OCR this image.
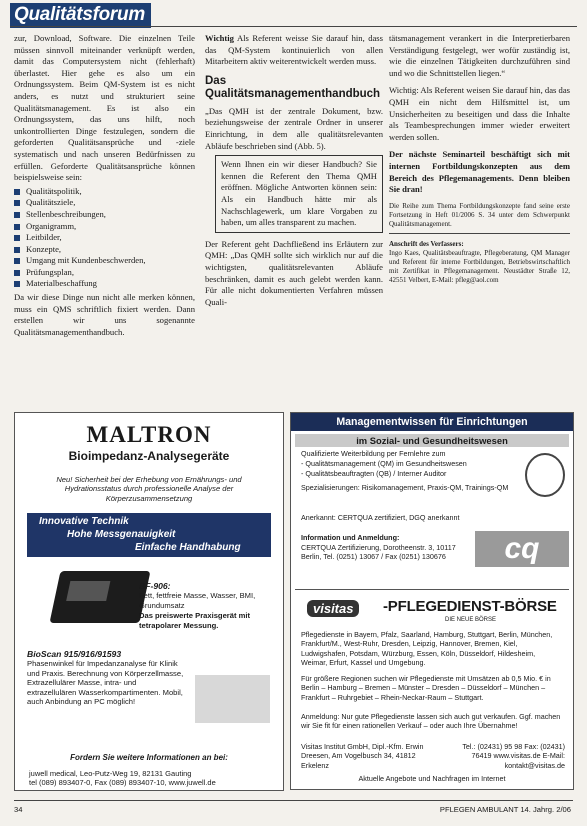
Qualitätsforum
zur, Download, Software. Die einzelnen Teile müssen sinnvoll miteinander verknüpft werden, damit das Computersystem nicht (fehlerhaft) überlastet. Hier gehe es also um ein Ordnungssystem. Beim QM-System ist es nicht anders, es nutzt und strukturiert seine Qualitätsmanagement. Es ist also ein Ordnungssystem, das uns hilft, noch unkontrollierten Dinge festzulegen, sondern die geforderten Qualitätsansprüche und -ziele systematisch und nach unseren Bedürfnissen zu erfüllen. Geforderte Qualitätsansprüche können beispielsweise sein:
Qualitätspolitik,
Qualitätsziele,
Stellenbeschreibungen,
Organigramm,
Leitbilder,
Konzepte,
Umgang mit Kundenbeschwerden,
Prüfungsplan,
Materialbeschaffung
Da wir diese Dinge nun nicht alle merken können, muss ein QMS schriftlich fixiert werden. Dann erstellen wir uns sogenannte Qualitätsmanagementhandbuch.
Wichtig Als Referent weisse Sie darauf hin, dass das QM-System kontinuierlich von allen Mitarbeitern aktiv weiterentwickelt werden muss.
Das Qualitätsmanagementhandbuch
„Das QMH ist der zentrale Dokument, bzw. beziehungsweise der zentrale Ordner in unserer Einrichtung, in dem alle qualitätsrelevanten Abläufe beschrieben sind (Abb. 5).
Wenn Ihnen ein wir dieser Handbuch? Sie kennen die Referent den Thema QMH eröffnen. Mögliche Antworten können sein: Als ein Handbuch hätte mir als Nachschlagewerk, um klare Vorgaben zu haben, um alles transparent zu machen.
Der Referent geht Dachfließend ins Erläutern zur QMH: „Das QMH sollte sich wirklich nur auf die wichtigsten, qualitätsrelevanten Abläufe beschränken, damit es auch gelebt werden kann. Für alle nicht dokumentierten Verfahren müssen Quali-
tätsmanagement verankert in die Interpretierbaren Verständigung festgelegt, wer wofür zuständig ist, wie die einzelnen Tätigkeiten durchzuführen sind und wo die Schnittstellen liegen.“
Wichtig: Als Referent weisen Sie darauf hin, das das QMH ein nicht dem Hilfsmittel ist, um Unsicherheiten zu beseitigen und dass die Inhalte als Teambesprechungen immer wieder erweitert werden sollen.
Der nächste Seminarteil beschäftigt sich mit internen Fortbildungskonzepten aus dem Bereich des Pflegemanagements. Denn bleiben Sie dran!
Die Reihe zum Thema Fortbildungskonzepte fand seine erste Fortsetzung in Heft 01/2006 S. 34 unter dem Schwerpunkt Qualitätsmanagement.
Anschrift des Verfassers:
Ingo Kaes, Qualitätsbeauftragte, Pflegeberatung, QM Manager und Referent für interne Fortbildungen, Betriebswirtschaftlich mit Zertifikat in Pflegemanagement. Neustädter Straße 12, 42551 Velbert, E-Mail: pfleg@aol.com
MALTRON
Bioimpedanz-Analysegeräte
Neu! Sicherheit bei der Erhebung von Ernährungs- und Hydrationsstatus durch professionelle Analyse der Körperzusammensetzung
Innovative Technik
Hohe Messgenauigkeit
Einfache Handhabung
BF-906:
Fett, fettfreie Masse, Wasser, BMI, Grundumsatz
Das preiswerte Praxisgerät mit tetrapolarer Messung.
BioScan 915/916/91593
Phasenwinkel für Impedanzanalyse für Klinik und Praxis. Berechnung von Körperzellmasse, Extrazellulärer Masse, intra- und extrazellulären Wasserkompartimenten. Mobil, auch Anbindung an PC möglich!
Fordern Sie weitere Informationen an bei:
juwell medical, Leo-Putz-Weg 19, 82131 Gauting
tel (089) 893407-0, Fax (089) 893407-10, www.juwell.de
Managementwissen für Einrichtungen
im Sozial- und Gesundheitswesen
Qualifizierte Weiterbildung per Fernlehre zum
- Qualitätsmanagement (QM) im Gesundheitswesen
- Qualitätsbeauftragten (QB) / Interner Auditor
Spezialisierungen: Risikomanagement, Praxis-QM, Trainings-QM
Anerkannt: CERTQUA zertifiziert, DGQ anerkannt
Information und Anmeldung:
CERTQUA Zertifizierung, Dorotheenstr. 3, 10117 Berlin, Tel. (0251) 13067 / Fax (0251) 130676	cq
visitas	-PFLEGEDIENST-BÖRSE
DIE NEUE BÖRSE
Pflegedienste in Bayern, Pfalz, Saarland, Hamburg, Stuttgart, Berlin, München, Frankfurt/M., West-Ruhr, Dresden, Leipzig, Hannover, Bremen, Kiel, Ludwigshafen, Potsdam, Würzburg, Essen, Köln, Düsseldorf, Hildesheim, Weimar, Erfurt, Kassel und Umgebung.
Für größere Regionen suchen wir Pflegedienste mit Umsätzen ab 0,5 Mio. € in Berlin – Hamburg – Bremen – Münster – Dresden – Düsseldorf – München – Frankfurt – Ruhrgebiet – Rhein-Neckar-Raum – Stuttgart.
Anmeldung: Nur gute Pflegedienste lassen sich auch gut verkaufen. Ggf. machen wir Sie fit für einen rationellen Verkauf – oder auch Ihre Übernahme!
Visitas Institut GmbH, Dipl.-Kfm. Erwin Dreesen, Am Vogelbusch 34, 41812 Erkelenz
Tel.: (02431) 95 98 Fax: (02431) 76419 www.visitas.de E-Mail: kontakt@visitas.de
Aktuelle Angebote und Nachfragen im Internet
34	PFLEGEN AMBULANT 14. Jahrg. 2/06
